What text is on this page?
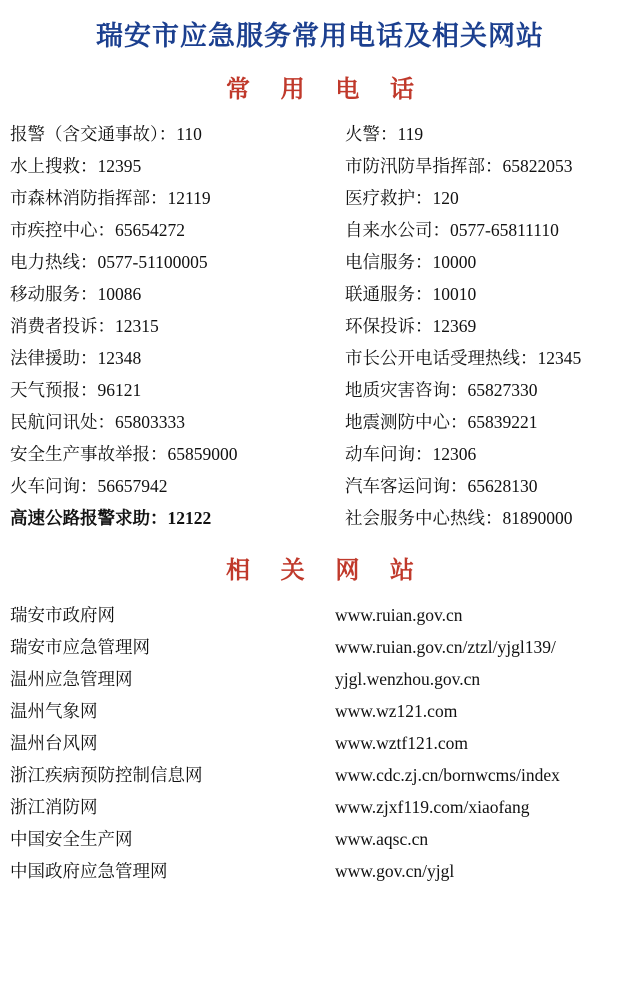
瑞安市应急服务常用电话及相关网站
常 用 电 话
报警（含交通事故）：110	火警：119
水上搜救：12395	市防汛防旱指挥部：65822053
市森林消防指挥部：12119	医疗救护：120
市疾控中心：65654272	自来水公司：0577-65811110
电力热线：0577-51100005	电信服务：10000
移动服务：10086	联通服务：10010
消费者投诉：12315	环保投诉：12369
法律援助：12348	市长公开电话受理热线：12345
天气预报：96121	地质灾害咨询：65827330
民航问讯处：65803333	地震测防中心：65839221
安全生产事故举报：65859000	动车问询：12306
火车问询：56657942	汽车客运问询：65628130
高速公路报警求助：12122	社会服务中心热线：81890000
相 关 网 站
瑞安市政府网	www.ruian.gov.cn
瑞安市应急管理网	www.ruian.gov.cn/ztzl/yjgl139/
温州应急管理网	yjgl.wenzhou.gov.cn
温州气象网	www.wz121.com
温州台风网	www.wztf121.com
浙江疾病预防控制信息网	www.cdc.zj.cn/bornwcms/index
浙江消防网	www.zjxf119.com/xiaofang
中国安全生产网	www.aqsc.cn
中国政府应急管理网	www.gov.cn/yjgl
